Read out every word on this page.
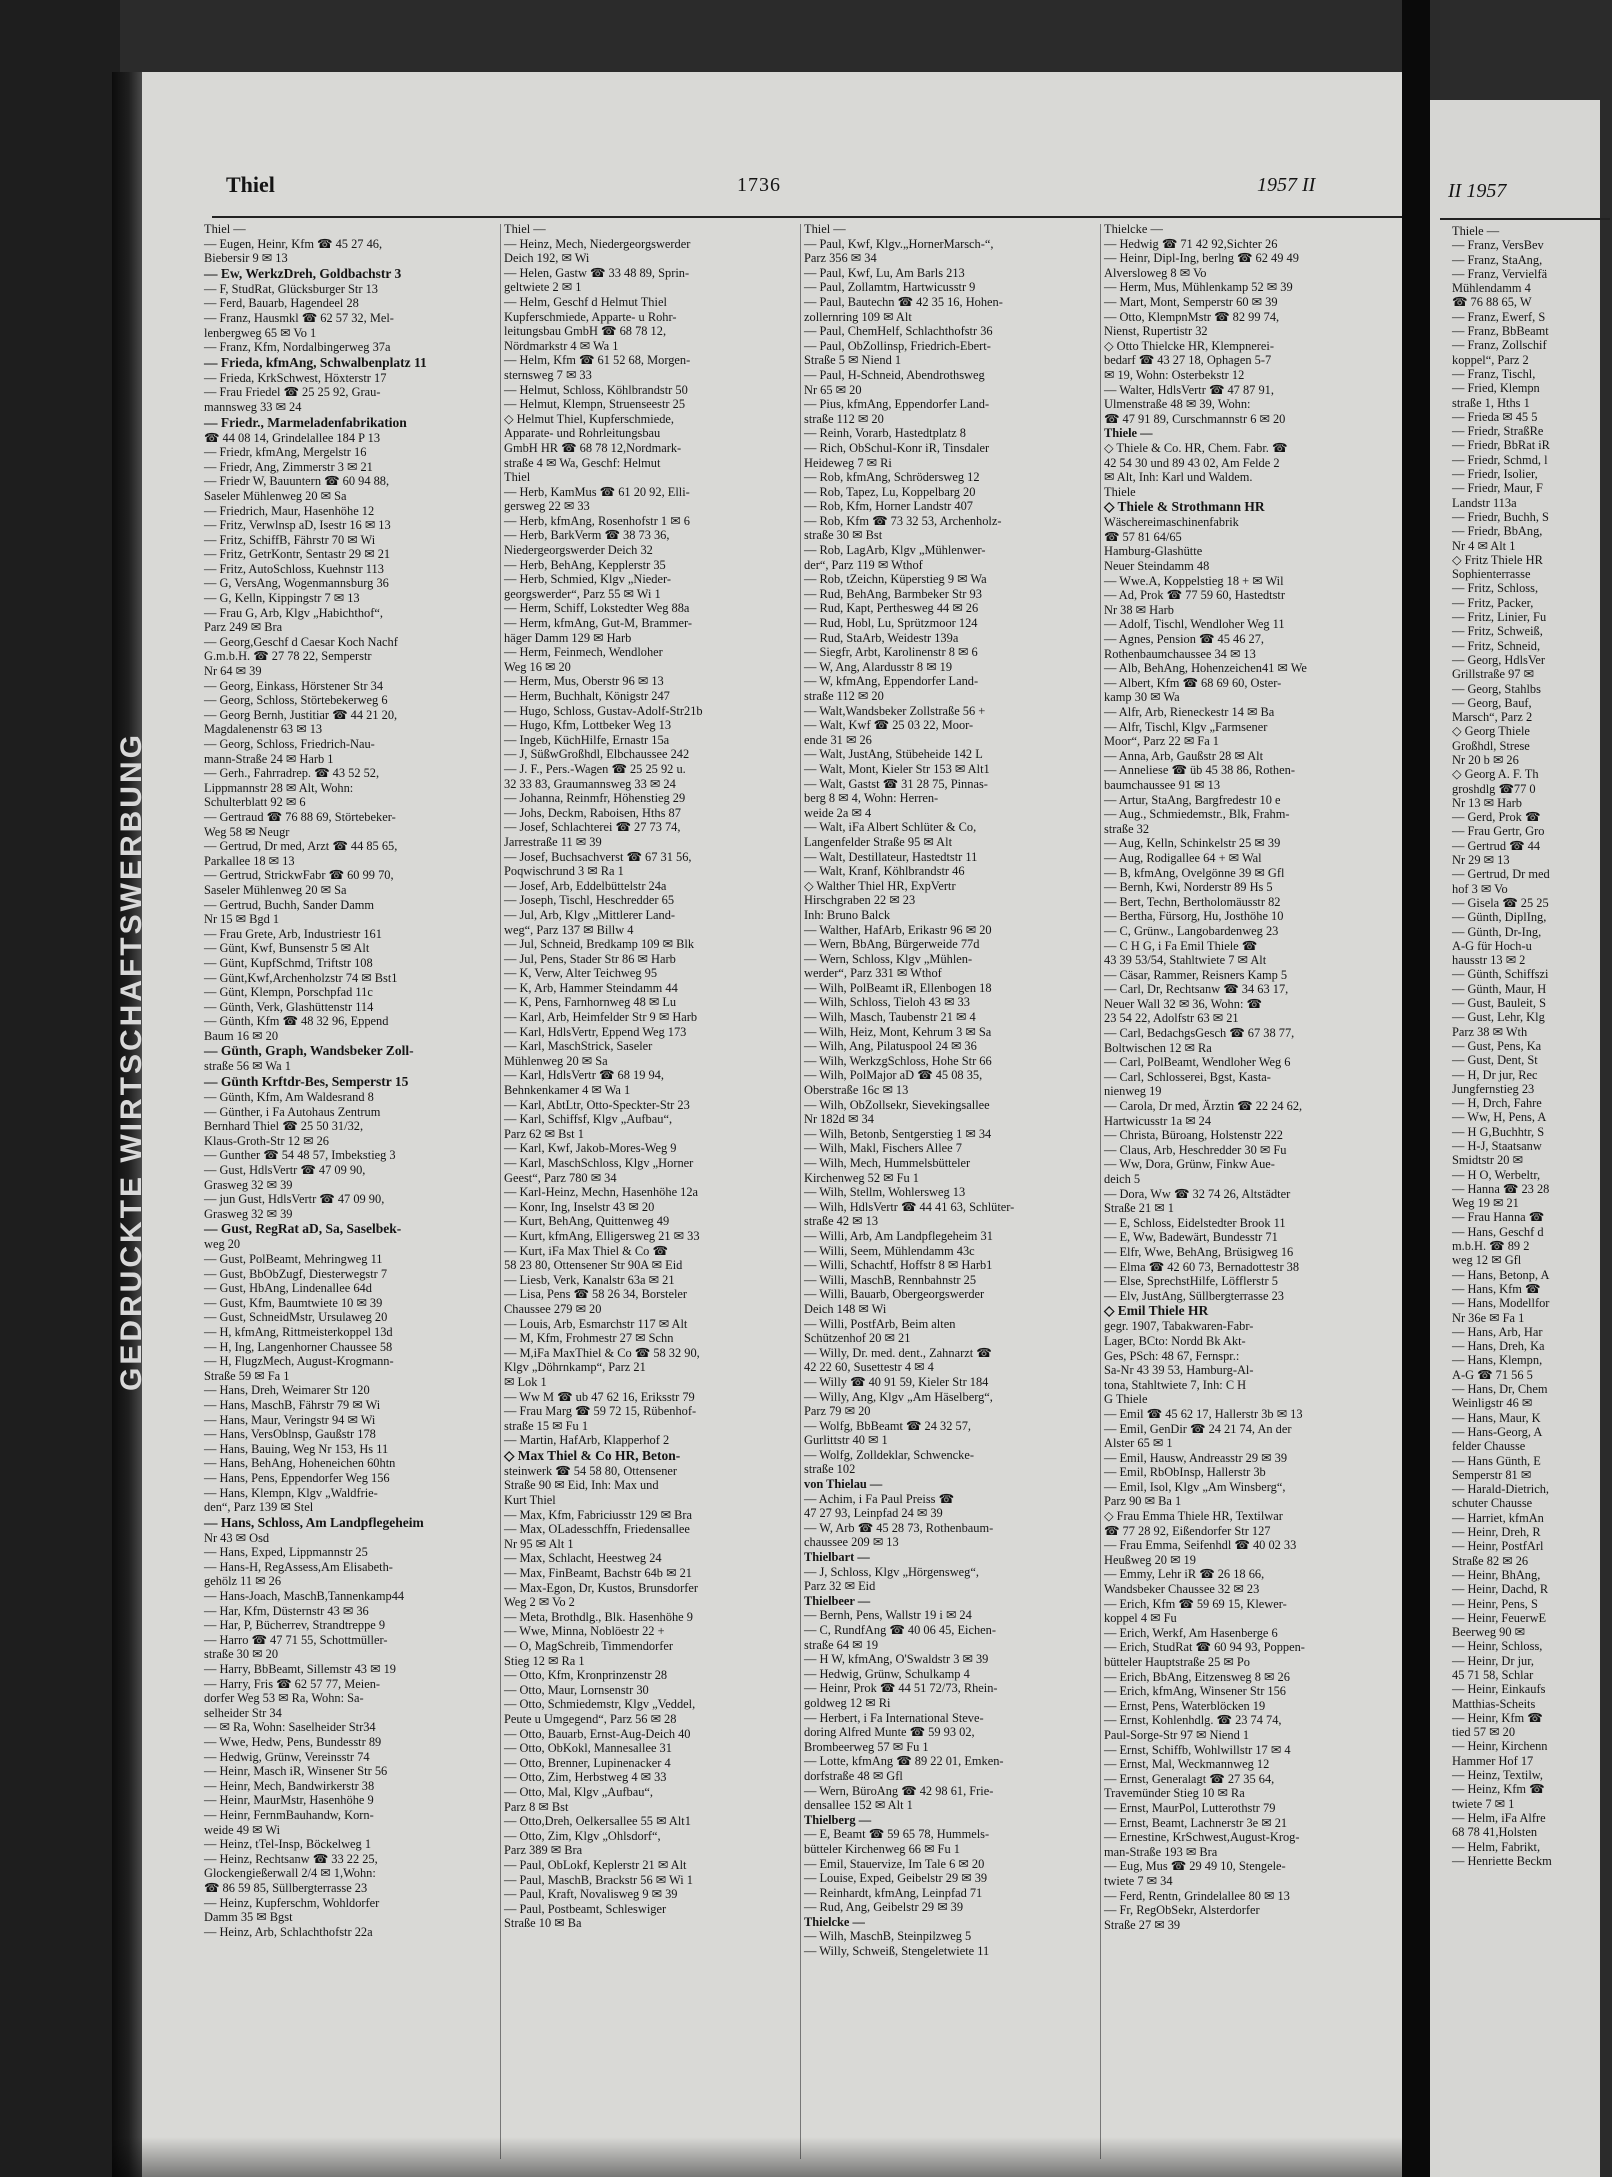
GEDRUCKTE WIRTSCHAFTSWERBUNG
Thiel	1736	1957 II
Thiel —
— Eugen, Heinr, Kfm ☎ 45 27 46,
Biebersir 9 ✉ 13
— Ew, WerkzDreh, Goldbachstr 3
— F, StudRat, Glücksburger Str 13
— Ferd, Bauarb, Hagendeel 28
— Franz, Hausmkl ☎ 62 57 32, Mel-
lenbergweg 65 ✉ Vo 1
— Franz, Kfm, Nordalbingerweg 37a
— Frieda, kfmAng, Schwalbenplatz 11
— Frieda, KrkSchwest, Höxterstr 17
— Frau Friedel ☎ 25 25 92, Grau-
mannsweg 33 ✉ 24
— Friedr., Marmeladenfabrikation
☎ 44 08 14, Grindelallee 184 P 13
— Friedr, kfmAng, Mergelstr 16
— Friedr, Ang, Zimmerstr 3 ✉ 21
— Friedr W, Bauuntern ☎ 60 94 88,
Saseler Mühlenweg 20 ✉ Sa
— Friedrich, Maur, Hasenhöhe 12
— Fritz, Verwlnsp aD, Isestr 16 ✉ 13
— Fritz, SchiffB, Fährstr 70 ✉ Wi
— Fritz, GetrKontr, Sentastr 29 ✉ 21
— Fritz, AutoSchloss, Kuehnstr 113
— G, VersAng, Wogenmannsburg 36
— G, Kelln, Kippingstr 7 ✉ 13
— Frau G, Arb, Klgv „Habichthof“,
Parz 249 ✉ Bra
— Georg,Geschf d Caesar Koch Nachf
G.m.b.H. ☎ 27 78 22, Semperstr
Nr 64 ✉ 39
— Georg, Einkass, Hörstener Str 34
— Georg, Schloss, Störtebekerweg 6
— Georg Bernh, Justitiar ☎ 44 21 20,
Magdalenenstr 63 ✉ 13
— Georg, Schloss, Friedrich-Nau-
mann-Straße 24 ✉ Harb 1
— Gerh., Fahrradrep. ☎ 43 52 52,
Lippmannstr 28 ✉ Alt, Wohn:
Schulterblatt 92 ✉ 6
— Gertraud ☎ 76 88 69, Störtebeker-
Weg 58 ✉ Neugr
— Gertrud, Dr med, Arzt ☎ 44 85 65,
Parkallee 18 ✉ 13
— Gertrud, StrickwFabr ☎ 60 99 70,
Saseler Mühlenweg 20 ✉ Sa
— Gertrud, Buchh, Sander Damm
Nr 15 ✉ Bgd 1
— Frau Grete, Arb, Industriestr 161
— Günt, Kwf, Bunsenstr 5 ✉ Alt
— Günt, KupfSchmd, Triftstr 108
— Günt,Kwf,Archenholzstr 74 ✉ Bst1
— Günt, Klempn, Porschpfad 11c
— Günth, Verk, Glashüttenstr 114
— Günth, Kfm ☎ 48 32 96, Eppend
Baum 16 ✉ 20
— Günth, Graph, Wandsbeker Zoll-
straße 56 ✉ Wa 1
— Günth Krftdr-Bes, Semperstr 15
— Günth, Kfm, Am Waldesrand 8
— Günther, i Fa Autohaus Zentrum
Bernhard Thiel ☎ 25 50 31/32,
Klaus-Groth-Str 12 ✉ 26
— Gunther ☎ 54 48 57, Imbekstieg 3
— Gust, HdlsVertr ☎ 47 09 90,
Grasweg 32 ✉ 39
— jun Gust, HdlsVertr ☎ 47 09 90,
Grasweg 32 ✉ 39
— Gust, RegRat aD, Sa, Saselbek-
weg 20
— Gust, PolBeamt, Mehringweg 11
— Gust, BbObZugf, Diesterwegstr 7
— Gust, HbAng, Lindenallee 64d
— Gust, Kfm, Baumtwiete 10 ✉ 39
— Gust, SchneidMstr, Ursulaweg 20
— H, kfmAng, Rittmeisterkoppel 13d
— H, Ing, Langenhorner Chaussee 58
— H, FlugzMech, August-Krogmann-
Straße 59 ✉ Fa 1
— Hans, Dreh, Weimarer Str 120
— Hans, MaschB, Fährstr 79 ✉ Wi
— Hans, Maur, Veringstr 94 ✉ Wi
— Hans, VersOblnsp, Gaußstr 178
— Hans, Bauing, Weg Nr 153, Hs 11
— Hans, BehAng, Hoheneichen 60htn
— Hans, Pens, Eppendorfer Weg 156
— Hans, Klempn, Klgv „Waldfrie-
den“, Parz 139 ✉ Stel
— Hans, Schloss, Am Landpflegeheim
Nr 43 ✉ Osd
— Hans, Exped, Lippmannstr 25
— Hans-H, RegAssess,Am Elisabeth-
gehölz 11 ✉ 26
— Hans-Joach, MaschB,Tannenkamp44
— Har, Kfm, Düsternstr 43 ✉ 36
— Har, P, Bücherrev, Strandtreppe 9
— Harro ☎ 47 71 55, Schottmüller-
straße 30 ✉ 20
— Harry, BbBeamt, Sillemstr 43 ✉ 19
— Harry, Fris ☎ 62 57 77, Meien-
dorfer Weg 53 ✉ Ra, Wohn: Sa-
selheider Str 34
— ✉ Ra, Wohn: Saselheider Str34
— Wwe, Hedw, Pens, Bundesstr 89
— Hedwig, Grünw, Vereinsstr 74
— Heinr, Masch iR, Winsener Str 56
— Heinr, Mech, Bandwirkerstr 38
— Heinr, MaurMstr, Hasenhöhe 9
— Heinr, FernmBauhandw, Korn-
weide 49 ✉ Wi
— Heinz, tTel-Insp, Böckelweg 1
— Heinz, Rechtsanw ☎ 33 22 25,
Glockengießerwall 2/4 ✉ 1,Wohn:
☎ 86 59 85, Süllbergterrasse 23
— Heinz, Kupferschm, Wohldorfer
Damm 35 ✉ Bgst
— Heinz, Arb, Schlachthofstr 22a
Thiel —
— Heinz, Mech, Niedergeorgswerder
Deich 192, ✉ Wi
— Helen, Gastw ☎ 33 48 89, Sprin-
geltwiete 2 ✉ 1
— Helm, Geschf d Helmut Thiel
Kupferschmiede, Apparte- u Rohr-
leitungsbau GmbH ☎ 68 78 12,
Nördmarkstr 4 ✉ Wa 1
— Helm, Kfm ☎ 61 52 68, Morgen-
sternsweg 7 ✉ 33
— Helmut, Schloss, Köhlbrandstr 50
— Helmut, Klempn, Struenseestr 25
◇ Helmut Thiel, Kupferschmiede,
Apparate- und Rohrleitungsbau
GmbH HR ☎ 68 78 12,Nordmark-
straße 4 ✉ Wa, Geschf: Helmut
Thiel
— Herb, KamMus ☎ 61 20 92, Elli-
gersweg 22 ✉ 33
— Herb, kfmAng, Rosenhofstr 1 ✉ 6
— Herb, BarkVerm ☎ 38 73 36,
Niedergeorgswerder Deich 32
— Herb, BehAng, Kepplerstr 35
— Herb, Schmied, Klgv „Nieder-
georgswerder“, Parz 55 ✉ Wi 1
— Herm, Schiff, Lokstedter Weg 88a
— Herm, kfmAng, Gut-M, Brammer-
häger Damm 129 ✉ Harb
— Herm, Feinmech, Wendloher
Weg 16 ✉ 20
— Herm, Mus, Oberstr 96 ✉ 13
— Herm, Buchhalt, Königstr 247
— Hugo, Schloss, Gustav-Adolf-Str21b
— Hugo, Kfm, Lottbeker Weg 13
— Ingeb, KüchHilfe, Ernastr 15a
— J, SüßwGroßhdl, Elbchaussee 242
— J. F., Pers.-Wagen ☎ 25 25 92 u.
32 33 83, Graumannsweg 33 ✉ 24
— Johanna, Reinmfr, Höhenstieg 29
— Johs, Deckm, Raboisen, Hths 87
— Josef, Schlachterei ☎ 27 73 74,
Jarrestraße 11 ✉ 39
— Josef, Buchsachverst ☎ 67 31 56,
Poqwischrund 3 ✉ Ra 1
— Josef, Arb, Eddelbüttelstr 24a
— Joseph, Tischl, Heschredder 65
— Jul, Arb, Klgv „Mittlerer Land-
weg“, Parz 137 ✉ Billw 4
— Jul, Schneid, Bredkamp 109 ✉ Blk
— Jul, Pens, Stader Str 86 ✉ Harb
— K, Verw, Alter Teichweg 95
— K, Arb, Hammer Steindamm 44
— K, Pens, Farnhornweg 48 ✉ Lu
— Karl, Arb, Heimfelder Str 9 ✉ Harb
— Karl, HdlsVertr, Eppend Weg 173
— Karl, MaschStrick, Saseler
Mühlenweg 20 ✉ Sa
— Karl, HdlsVertr ☎ 68 19 94,
Behnkenkamer 4 ✉ Wa 1
— Karl, AbtLtr, Otto-Speckter-Str 23
— Karl, Schiffsf, Klgv „Aufbau“,
Parz 62 ✉ Bst 1
— Karl, Kwf, Jakob-Mores-Weg 9
— Karl, MaschSchloss, Klgv „Horner
Geest“, Parz 780 ✉ 34
— Karl-Heinz, Mechn, Hasenhöhe 12a
— Konr, Ing, Inselstr 43 ✉ 20
— Kurt, BehAng, Quittenweg 49
— Kurt, kfmAng, Elligersweg 21 ✉ 33
— Kurt, iFa Max Thiel & Co ☎
58 23 80, Ottensener Str 90A ✉ Eid
— Liesb, Verk, Kanalstr 63a ✉ 21
— Lisa, Pens ☎ 58 26 34, Borsteler
Chaussee 279 ✉ 20
— Louis, Arb, Esmarchstr 117 ✉ Alt
— M, Kfm, Frohmestr 27 ✉ Schn
— M,iFa MaxThiel & Co ☎ 58 32 90,
Klgv „Döhrnkamp“, Parz 21
✉ Lok 1
— Ww M ☎ ub 47 62 16, Eriksstr 79
— Frau Marg ☎ 59 72 15, Rübenhof-
straße 15 ✉ Fu 1
— Martin, HafArb, Klapperhof 2
◇ Max Thiel & Co HR, Beton-
steinwerk ☎ 54 58 80, Ottensener
Straße 90 ✉ Eid, Inh: Max und
Kurt Thiel
— Max, Kfm, Fabriciusstr 129 ✉ Bra
— Max, OLadesschffn, Friedensallee
Nr 95 ✉ Alt 1
— Max, Schlacht, Heestweg 24
— Max, FinBeamt, Bachstr 64b ✉ 21
— Max-Egon, Dr, Kustos, Brunsdorfer
Weg 2 ✉ Vo 2
— Meta, Brothdlg., Blk. Hasenhöhe 9
— Wwe, Minna, Noblöestr 22 +
— O, MagSchreib, Timmendorfer
Stieg 12 ✉ Ra 1
— Otto, Kfm, Kronprinzenstr 28
— Otto, Maur, Lornsenstr 30
— Otto, Schmiedemstr, Klgv „Veddel,
Peute u Umgegend“, Parz 56 ✉ 28
— Otto, Bauarb, Ernst-Aug-Deich 40
— Otto, ObKokl, Mannesallee 31
— Otto, Brenner, Lupinenacker 4
— Otto, Zim, Herbstweg 4 ✉ 33
— Otto, Mal, Klgv „Aufbau“,
Parz 8 ✉ Bst
— Otto,Dreh, Oelkersallee 55 ✉ Alt1
— Otto, Zim, Klgv „Ohlsdorf“,
Parz 389 ✉ Bra
— Paul, ObLokf, Keplerstr 21 ✉ Alt
— Paul, MaschB, Brackstr 56 ✉ Wi 1
— Paul, Kraft, Novalisweg 9 ✉ 39
— Paul, Postbeamt, Schleswiger
Straße 10 ✉ Ba
Thiel —
— Paul, Kwf, Klgv.„HornerMarsch-“,
Parz 356 ✉ 34
— Paul, Kwf, Lu, Am Barls 213
— Paul, Zollamtm, Hartwicusstr 9
— Paul, Bautechn ☎ 42 35 16, Hohen-
zollernring 109 ✉ Alt
— Paul, ChemHelf, Schlachthofstr 36
— Paul, ObZollinsp, Friedrich-Ebert-
Straße 5 ✉ Niend 1
— Paul, H-Schneid, Abendrothsweg
Nr 65 ✉ 20
— Pius, kfmAng, Eppendorfer Land-
straße 112 ✉ 20
— Reinh, Vorarb, Hastedtplatz 8
— Rich, ObSchul-Konr iR, Tinsdaler
Heideweg 7 ✉ Ri
— Rob, kfmAng, Schrödersweg 12
— Rob, Tapez, Lu, Koppelbarg 20
— Rob, Kfm, Horner Landstr 407
— Rob, Kfm ☎ 73 32 53, Archenholz-
straße 30 ✉ Bst
— Rob, LagArb, Klgv „Mühlenwer-
der“, Parz 119 ✉ Wthof
— Rob, tZeichn, Küperstieg 9 ✉ Wa
— Rud, BehAng, Barmbeker Str 93
— Rud, Kapt, Perthesweg 44 ✉ 26
— Rud, Hobl, Lu, Sprützmoor 124
— Rud, StaArb, Weidestr 139a
— Siegfr, Arbt, Karolinenstr 8 ✉ 6
— W, Ang, Alardusstr 8 ✉ 19
— W, kfmAng, Eppendorfer Land-
straße 112 ✉ 20
— Walt,Wandsbeker Zollstraße 56 +
— Walt, Kwf ☎ 25 03 22, Moor-
ende 31 ✉ 26
— Walt, JustAng, Stübeheide 142 L
— Walt, Mont, Kieler Str 153 ✉ Alt1
— Walt, Gastst ☎ 31 28 75, Pinnas-
berg 8 ✉ 4, Wohn: Herren-
weide 2a ✉ 4
— Walt, iFa Albert Schlüter & Co,
Langenfelder Straße 95 ✉ Alt
— Walt, Destillateur, Hastedtstr 11
— Walt, Kranf, Köhlbrandstr 46
◇ Walther Thiel HR, ExpVertr
Hirschgraben 22 ✉ 23
Inh: Bruno Balck
— Walther, HafArb, Erikastr 96 ✉ 20
— Wern, BbAng, Bürgerweide 77d
— Wern, Schloss, Klgv „Mühlen-
werder“, Parz 331 ✉ Wthof
— Wilh, PolBeamt iR, Ellenbogen 18
— Wilh, Schloss, Tieloh 43 ✉ 33
— Wilh, Masch, Taubenstr 21 ✉ 4
— Wilh, Heiz, Mont, Kehrum 3 ✉ Sa
— Wilh, Ang, Pilatuspool 24 ✉ 36
— Wilh, WerkzgSchloss, Hohe Str 66
— Wilh, PolMajor aD ☎ 45 08 35,
Oberstraße 16c ✉ 13
— Wilh, ObZollsekr, Sievekingsallee
Nr 182d ✉ 34
— Wilh, Betonb, Sentgerstieg 1 ✉ 34
— Wilh, Makl, Fischers Allee 7
— Wilh, Mech, Hummelsbütteler
Kirchenweg 52 ✉ Fu 1
— Wilh, Stellm, Wohlersweg 13
— Wilh, HdlsVertr ☎ 44 41 63, Schlüter-
straße 42 ✉ 13
— Willi, Arb, Am Landpflegeheim 31
— Willi, Seem, Mühlendamm 43c
— Willi, Schachtf, Hoffstr 8 ✉ Harb1
— Willi, MaschB, Rennbahnstr 25
— Willi, Bauarb, Obergeorgswerder
Deich 148 ✉ Wi
— Willi, PostfArb, Beim alten
Schützenhof 20 ✉ 21
— Willy, Dr. med. dent., Zahnarzt ☎
42 22 60, Susettestr 4 ✉ 4
— Willy ☎ 40 91 59, Kieler Str 184
— Willy, Ang, Klgv „Am Häselberg“,
Parz 79 ✉ 20
— Wolfg, BbBeamt ☎ 24 32 57,
Gurlittstr 40 ✉ 1
— Wolfg, Zolldeklar, Schwencke-
straße 102
von Thielau —
— Achim, i Fa Paul Preiss ☎
47 27 93, Leinpfad 24 ✉ 39
— W, Arb ☎ 45 28 73, Rothenbaum-
chaussee 209 ✉ 13
Thielbart —
— J, Schloss, Klgv „Hörgensweg“,
Parz 32 ✉ Eid
Thielbeer —
— Bernh, Pens, Wallstr 19 i ✉ 24
— C, RundfAng ☎ 40 06 45, Eichen-
straße 64 ✉ 19
— H W, kfmAng, O'Swaldstr 3 ✉ 39
— Hedwig, Grünw, Schulkamp 4
— Heinr, Prok ☎ 44 51 72/73, Rhein-
goldweg 12 ✉ Ri
— Herbert, i Fa International Steve-
doring Alfred Munte ☎ 59 93 02,
Brombeerweg 57 ✉ Fu 1
— Lotte, kfmAng ☎ 89 22 01, Emken-
dorfstraße 48 ✉ Gfl
— Wern, BüroAng ☎ 42 98 61, Frie-
densallee 152 ✉ Alt 1
Thielberg —
— E, Beamt ☎ 59 65 78, Hummels-
bütteler Kirchenweg 66 ✉ Fu 1
— Emil, Stauervize, Im Tale 6 ✉ 20
— Louise, Exped, Geibelstr 29 ✉ 39
— Reinhardt, kfmAng, Leinpfad 71
— Rud, Ang, Geibelstr 29 ✉ 39
Thielcke —
— Wilh, MaschB, Steinpilzweg 5
— Willy, Schweiß, Stengeletwiete 11
Thielcke —
— Hedwig ☎ 71 42 92,Sichter 26
— Heinr, Dipl-Ing, berlng ☎ 62 49 49
Alversloweg 8 ✉ Vo
— Herm, Mus, Mühlenkamp 52 ✉ 39
— Mart, Mont, Semperstr 60 ✉ 39
— Otto, KlempnMstr ☎ 82 99 74,
Nienst, Rupertistr 32
◇ Otto Thielcke HR, Klempnerei-
bedarf ☎ 43 27 18, Ophagen 5-7
✉ 19, Wohn: Osterbekstr 12
— Walter, HdlsVertr ☎ 47 87 91,
Ulmenstraße 48 ✉ 39, Wohn:
☎ 47 91 89, Curschmannstr 6 ✉ 20
Thiele —
◇ Thiele & Co. HR, Chem. Fabr. ☎
42 54 30 und 89 43 02, Am Felde 2
✉ Alt, Inh: Karl und Waldem.
Thiele
◇ Thiele & Strothmann HR
Wäschereimaschinenfabrik
☎ 57 81 64/65
Hamburg-Glashütte
Neuer Steindamm 48
— Wwe.A, Koppelstieg 18 + ✉ Wil
— Ad, Prok ☎ 77 59 60, Hastedtstr
Nr 38 ✉ Harb
— Adolf, Tischl, Wendloher Weg 11
— Agnes, Pension ☎ 45 46 27,
Rothenbaumchaussee 34 ✉ 13
— Alb, BehAng, Hohenzeichen41 ✉ We
— Albert, Kfm ☎ 68 69 60, Oster-
kamp 30 ✉ Wa
— Alfr, Arb, Rieneckestr 14 ✉ Ba
— Alfr, Tischl, Klgv „Farmsener
Moor“, Parz 22 ✉ Fa 1
— Anna, Arb, Gaußstr 28 ✉ Alt
— Anneliese ☎ üb 45 38 86, Rothen-
baumchaussee 91 ✉ 13
— Artur, StaAng, Bargfredestr 10 e
— Aug., Schmiedemstr., Blk, Frahm-
straße 32
— Aug, Kelln, Schinkelstr 25 ✉ 39
— Aug, Rodigallee 64 + ✉ Wal
— B, kfmAng, Ovelgönne 39 ✉ Gfl
— Bernh, Kwi, Norderstr 89 Hs 5
— Bert, Techn, Bertholomäusstr 82
— Bertha, Fürsorg, Hu, Josthöhe 10
— C, Grünw., Langobardenweg 23
— C H G, i Fa Emil Thiele ☎
43 39 53/54, Stahltwiete 7 ✉ Alt
— Cäsar, Rammer, Reisners Kamp 5
— Carl, Dr, Rechtsanw ☎ 34 63 17,
Neuer Wall 32 ✉ 36, Wohn: ☎
23 54 22, Adolfstr 63 ✉ 21
— Carl, BedachgsGesch ☎ 67 38 77,
Boltwischen 12 ✉ Ra
— Carl, PolBeamt, Wendloher Weg 6
— Carl, Schlosserei, Bgst, Kasta-
nienweg 19
— Carola, Dr med, Ärztin ☎ 22 24 62,
Hartwicusstr 1a ✉ 24
— Christa, Büroang, Holstenstr 222
— Claus, Arb, Heschredder 30 ✉ Fu
— Ww, Dora, Grünw, Finkw Aue-
deich 5
— Dora, Ww ☎ 32 74 26, Altstädter
Straße 21 ✉ 1
— E, Schloss, Eidelstedter Brook 11
— E, Ww, Badewärt, Bundesstr 71
— Elfr, Wwe, BehAng, Brüsigweg 16
— Elma ☎ 42 60 73, Bernadottestr 38
— Else, SprechstHilfe, Löfflerstr 5
— Elv, JustAng, Süllbergterrasse 23
◇ Emil Thiele HR
gegr. 1907, Tabakwaren-Fabr-
Lager, BCto: Nordd Bk Akt-
Ges, PSch: 48 67, Fernspr.:
Sa-Nr 43 39 53, Hamburg-Al-
tona, Stahltwiete 7, Inh: C H
G Thiele
— Emil ☎ 45 62 17, Hallerstr 3b ✉ 13
— Emil, GenDir ☎ 24 21 74, An der
Alster 65 ✉ 1
— Emil, Hausw, Andreasstr 29 ✉ 39
— Emil, RbObInsp, Hallerstr 3b
— Emil, Isol, Klgv „Am Winsberg“,
Parz 90 ✉ Ba 1
◇ Frau Emma Thiele HR, Textilwar
☎ 77 28 92, Eißendorfer Str 127
— Frau Emma, Seifenhdl ☎ 40 02 33
Heußweg 20 ✉ 19
— Emmy, Lehr iR ☎ 26 18 66,
Wandsbeker Chaussee 32 ✉ 23
— Erich, Kfm ☎ 59 69 15, Klewer-
koppel 4 ✉ Fu
— Erich, Werkf, Am Hasenberge 6
— Erich, StudRat ☎ 60 94 93, Poppen-
bütteler Hauptstraße 25 ✉ Po
— Erich, BbAng, Eitzensweg 8 ✉ 26
— Erich, kfmAng, Winsener Str 156
— Ernst, Pens, Waterblöcken 19
— Ernst, Kohlenhdlg. ☎ 23 74 74,
Paul-Sorge-Str 97 ✉ Niend 1
— Ernst, Schiffb, Wohlwillstr 17 ✉ 4
— Ernst, Mal, Weckmannweg 12
— Ernst, Generalagt ☎ 27 35 64,
Travemünder Stieg 10 ✉ Ra
— Ernst, MaurPol, Lutterothstr 79
— Ernst, Beamt, Lachnerstr 3e ✉ 21
— Ernestine, KrSchwest,August-Krog-
man-Straße 193 ✉ Bra
— Eug, Mus ☎ 29 49 10, Stengele-
twiete 7 ✉ 34
— Ferd, Rentn, Grindelallee 80 ✉ 13
— Fr, RegObSekr, Alsterdorfer
Straße 27 ✉ 39
II 1957
Thiele —
— Franz, VersBev
— Franz, StaAng,
— Franz, Vervielfä
Mühlendamm 4
☎ 76 88 65, W
— Franz, Ewerf, S
— Franz, BbBeamt
— Franz, Zollschif
koppel“, Parz 2
— Franz, Tischl,
— Fried, Klempn
straße 1, Hths 1
— Frieda ✉ 45 5
— Friedr, StraßRe
— Friedr, BbRat iR
— Friedr, Schmd, l
— Friedr, Isolier,
— Friedr, Maur, F
Landstr 113a
— Friedr, Buchh, S
— Friedr, BbAng,
Nr 4 ✉ Alt 1
◇ Fritz Thiele HR
Sophienterrasse
— Fritz, Schloss,
— Fritz, Packer,
— Fritz, Linier, Fu
— Fritz, Schweiß,
— Fritz, Schneid,
— Georg, HdlsVer
Grillstraße 97 ✉
— Georg, Stahlbs
— Georg, Bauf,
Marsch“, Parz 2
◇ Georg Thiele
Großhdl, Strese
Nr 20 b ✉ 26
◇ Georg A. F. Th
groshdlg ☎77 0
Nr 13 ✉ Harb
— Gerd, Prok ☎
— Frau Gertr, Gro
— Gertrud ☎ 44
Nr 29 ✉ 13
— Gertrud, Dr med
hof 3 ✉ Vo
— Gisela ☎ 25 25
— Günth, DiplIng,
— Günth, Dr-Ing,
A-G für Hoch-u
hausstr 13 ✉ 2
— Günth, Schiffszi
— Günth, Maur, H
— Gust, Bauleit, S
— Gust, Lehr, Klg
Parz 38 ✉ Wth
— Gust, Pens, Ka
— Gust, Dent, St
— H, Dr jur, Rec
Jungfernstieg 23
— H, Drch, Fahre
— Ww, H, Pens, A
— H G,Buchhtr, S
— H-J, Staatsanw
Smidtstr 20 ✉
— H O, Werbeltr,
— Hanna ☎ 23 28
Weg 19 ✉ 21
— Frau Hanna ☎
— Hans, Geschf d
m.b.H. ☎ 89 2
weg 12 ✉ Gfl
— Hans, Betonp, A
— Hans, Kfm ☎
— Hans, Modellfor
Nr 36e ✉ Fa 1
— Hans, Arb, Har
— Hans, Dreh, Ka
— Hans, Klempn,
A-G ☎ 71 56 5
— Hans, Dr, Chem
Weinligstr 46 ✉
— Hans, Maur, K
— Hans-Georg, A
felder Chausse
— Hans Günth, E
Semperstr 81 ✉
— Harald-Dietrich,
schuter Chausse
— Harriet, kfmAn
— Heinr, Dreh, R
— Heinr, PostfArl
Straße 82 ✉ 26
— Heinr, BhAng,
— Heinr, Dachd, R
— Heinr, Pens, S
— Heinr, FeuerwE
Beerweg 90 ✉
— Heinr, Schloss,
— Heinr, Dr jur,
45 71 58, Schlar
— Heinr, Einkaufs
Matthias-Scheits
— Heinr, Kfm ☎
tied 57 ✉ 20
— Heinr, Kirchenn
Hammer Hof 17
— Heinz, Textilw,
— Heinz, Kfm ☎
twiete 7 ✉ 1
— Helm, iFa Alfre
68 78 41,Holsten
— Helm, Fabrikt,
— Henriette Beckm
